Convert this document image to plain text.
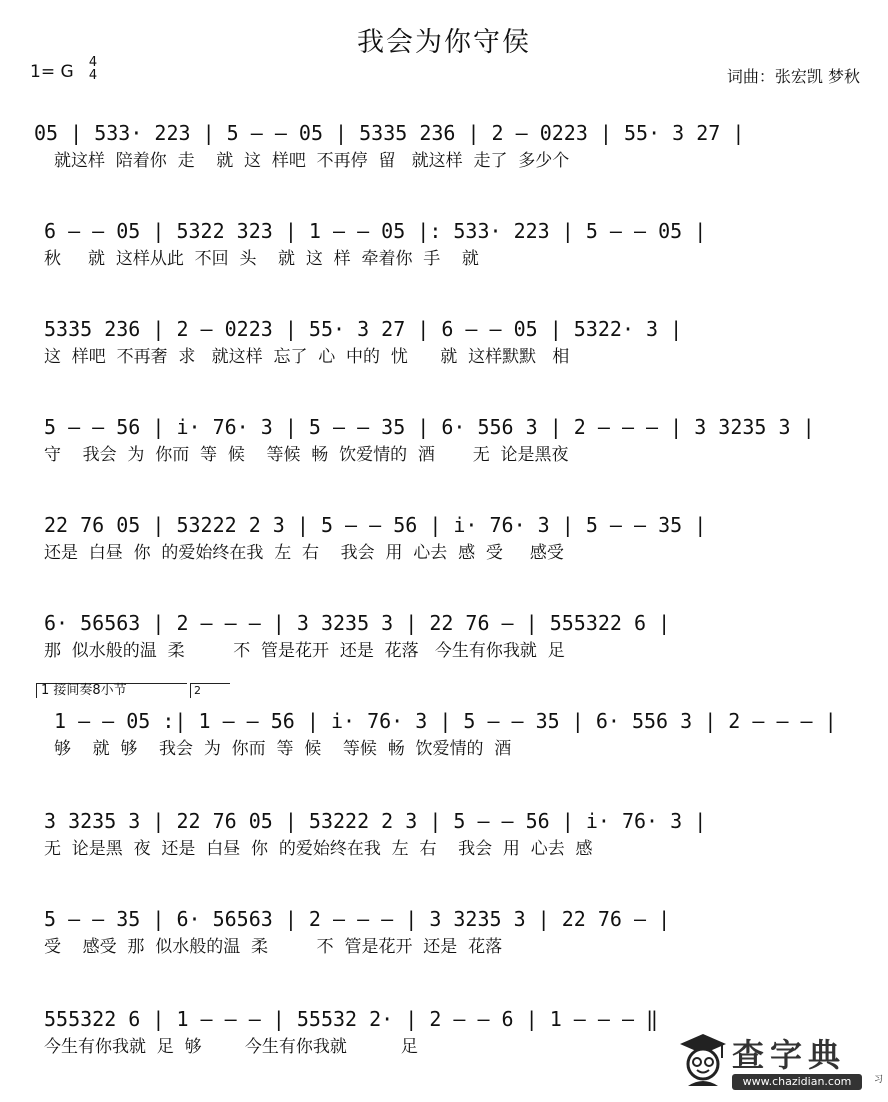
我会为你守侯
1= G 4
4	词曲：张宏凯 梦秋
05 | 533· 223 | 5 — — 05 | 5335 236 | 2 — 0223 | 55· 3 27 |
就这样  陪着你  走    就  这  样吧  不再停  留   就这样  走了  多少个
6 — — 05 | 5322 323 | 1 — — 05 |: 533· 223 | 5 — — 05 |
秋     就  这样从此  不回  头    就  这  样  牵着你  手    就
5335 236 | 2 — 0223 | 55· 3 27 | 6 — — 05 | 5322· 3 |
这  样吧  不再奢  求   就这样  忘了  心  中的  忧      就  这样默默   相
5 — — 56 | i· 76· 3 | 5 — — 35 | 6· 556 3 | 2 — — — | 3 3235 3 |
守    我会  为  你而  等  候    等候  畅  饮爱情的  酒       无  论是黑夜
22 76 05 | 53222 2 3 | 5 — — 56 | i· 76· 3 | 5 — — 35 |
还是  白昼  你  的爱始终在我  左  右    我会  用  心去  感  受     感受
6· 56563 | 2 — — — | 3 3235 3 | 22 76 — | 555322 6 |
那  似水般的温  柔         不  管是花开  还是  花落   今生有你我就  足
1 接间奏8小节	2
1 — — 05 :| 1 — — 56 | i· 76· 3 | 5 — — 35 | 6· 556 3 | 2 — — — |
够    就  够    我会  为  你而  等  候    等候  畅  饮爱情的  酒
3 3235 3 | 22 76 05 | 53222 2 3 | 5 — — 56 | i· 76· 3 |
无  论是黑  夜  还是  白昼  你  的爱始终在我  左  右    我会  用  心去  感
5 — — 35 | 6· 56563 | 2 — — — | 3 3235 3 | 22 76 — |
受    感受  那  似水般的温  柔         不  管是花开  还是  花落
555322 6 | 1 — — — | 55532 2· | 2 — — 6 | 1 — — — ‖
今生有你我就  足  够        今生有你我就          足	查字典
www.chazidian.com	习
